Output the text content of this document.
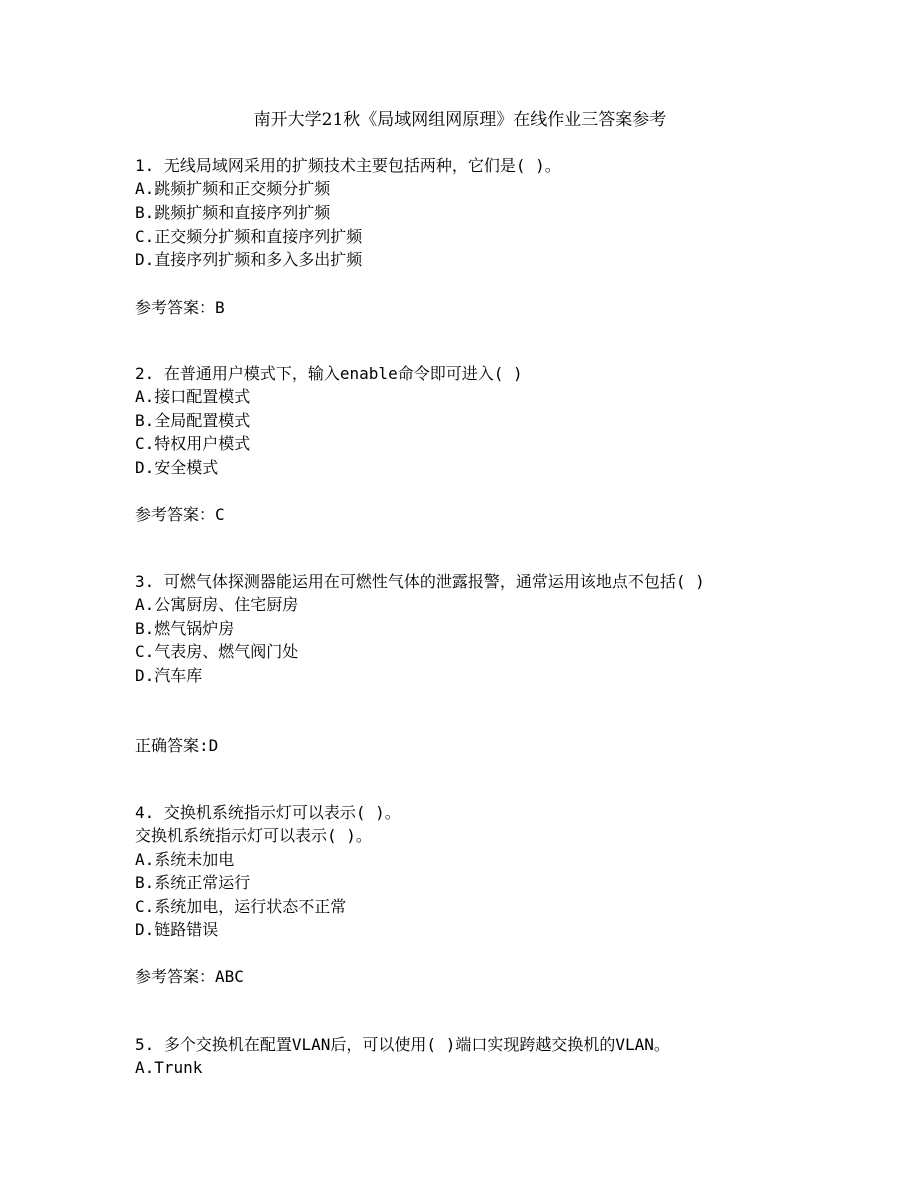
南开大学21秋《局域网组网原理》在线作业三答案参考
1. 无线局域网采用的扩频技术主要包括两种，它们是( )。
A.跳频扩频和正交频分扩频
B.跳频扩频和直接序列扩频
C.正交频分扩频和直接序列扩频
D.直接序列扩频和多入多出扩频
参考答案：B
2. 在普通用户模式下，输入enable命令即可进入( )
A.接口配置模式
B.全局配置模式
C.特权用户模式
D.安全模式
参考答案：C
3. 可燃气体探测器能运用在可燃性气体的泄露报警，通常运用该地点不包括( )
A.公寓厨房、住宅厨房
B.燃气锅炉房
C.气表房、燃气阀门处
D.汽车库
正确答案:D
4. 交换机系统指示灯可以表示( )。
交换机系统指示灯可以表示( )。
A.系统未加电
B.系统正常运行
C.系统加电，运行状态不正常
D.链路错误
参考答案：ABC
5. 多个交换机在配置VLAN后，可以使用( )端口实现跨越交换机的VLAN。
A.Trunk
